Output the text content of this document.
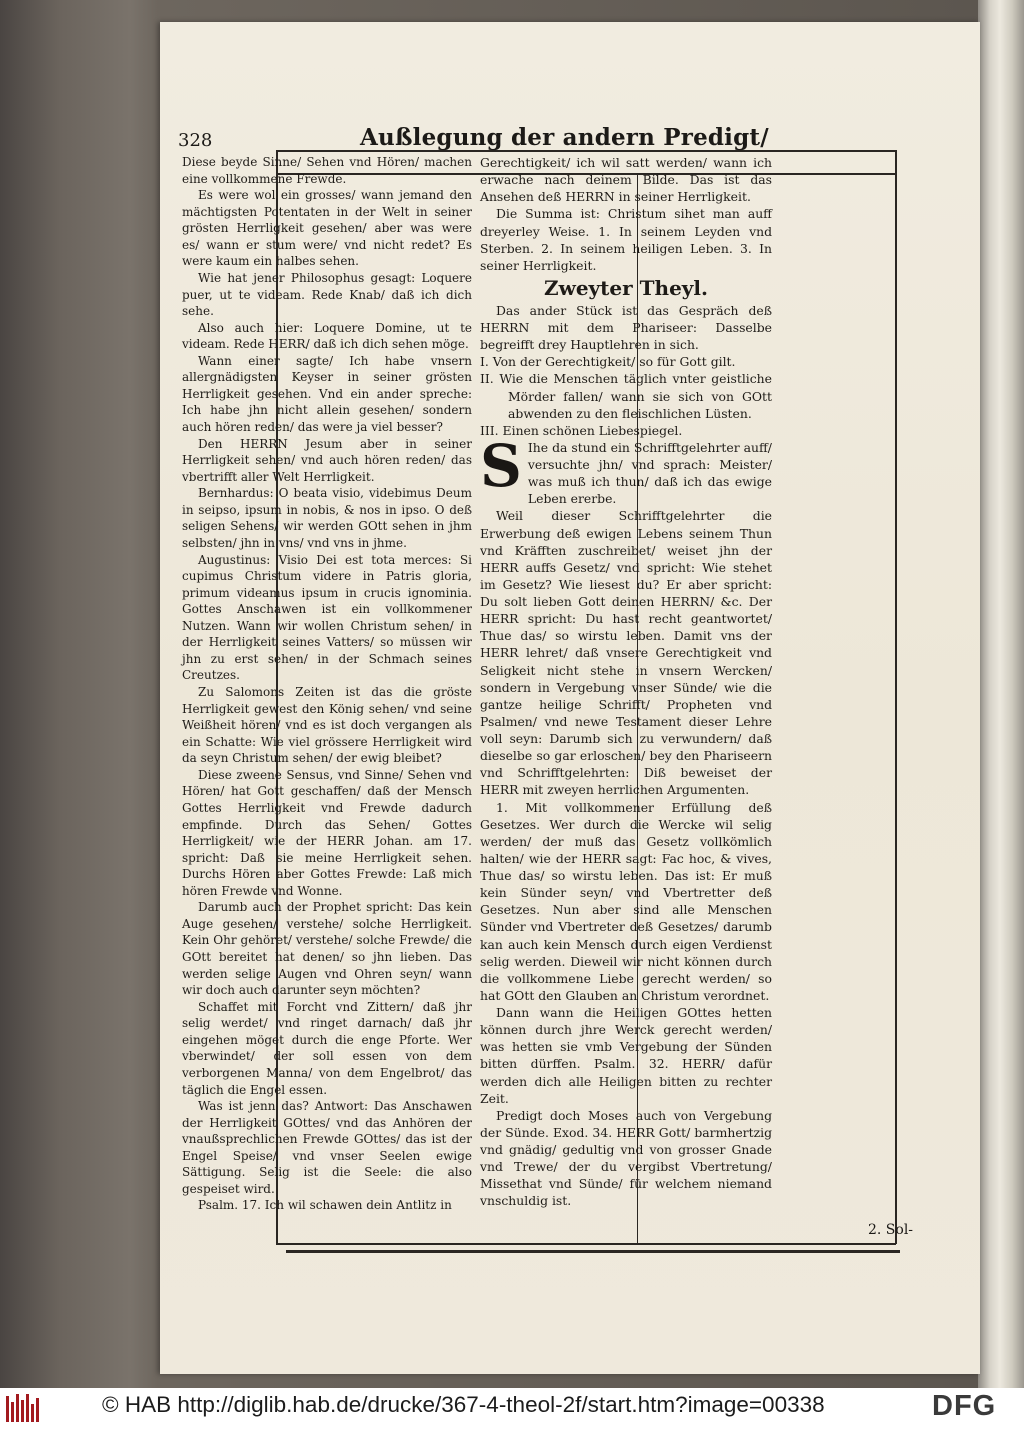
328	Außlegung der andern Predigt/

Diese beyde Sinne/ Sehen vnd Hören/ machen eine vollkommene Frewde.

Es were wol ein grosses/ wann jemand den mächtigsten Potentaten in der Welt in seiner grösten Herrligkeit gesehen/ aber was were es/ wann er stum were/ vnd nicht redet? Es were kaum ein halbes sehen.

Wie hat jener Philosophus gesagt: Loquere puer, ut te videam. Rede Knab/ daß ich dich sehe.

Also auch hier: Loquere Domine, ut te videam. Rede HERR/ daß ich dich sehen möge.

Wann einer sagte/ Ich habe vnsern allergnädigsten Keyser in seiner grösten Herrligkeit gesehen. Vnd ein ander spreche: Ich habe jhn nicht allein gesehen/ sondern auch hören reden/ das were ja viel besser?

Den HERRN Jesum aber in seiner Herrligkeit sehen/ vnd auch hören reden/ das vbertrifft aller Welt Herrligkeit.

Bernhardus: O beata visio, videbimus Deum in seipso, ipsum in nobis, & nos in ipso. O deß seligen Sehens/ wir werden GOtt sehen in jhm selbsten/ jhn in vns/ vnd vns in jhme.

Augustinus: Visio Dei est tota merces: Si cupimus Christum videre in Patris gloria, primum videamus ipsum in crucis ignominia. Gottes Anschawen ist ein vollkommener Nutzen. Wann wir wollen Christum sehen/ in der Herrligkeit seines Vatters/ so müssen wir jhn zu erst sehen/ in der Schmach seines Creutzes.

Zu Salomons Zeiten ist das die gröste Herrligkeit gewest den König sehen/ vnd seine Weißheit hören/ vnd es ist doch vergangen als ein Schatte: Wie viel grössere Herrligkeit wird da seyn Christum sehen/ der ewig bleibet?

Diese zweene Sensus, vnd Sinne/ Sehen vnd Hören/ hat Gott geschaffen/ daß der Mensch Gottes Herrligkeit vnd Frewde dadurch empfinde. Durch das Sehen/ Gottes Herrligkeit/ wie der HERR Johan. am 17. spricht: Daß sie meine Herrligkeit sehen. Durchs Hören aber Gottes Frewde: Laß mich hören Frewde vnd Wonne.

Darumb auch der Prophet spricht: Das kein Auge gesehen/ verstehe/ solche Herrligkeit. Kein Ohr gehöret/ verstehe/ solche Frewde/ die GOtt bereitet hat denen/ so jhn lieben. Das werden selige Augen vnd Ohren seyn/ wann wir doch auch darunter seyn möchten?

Schaffet mit Forcht vnd Zittern/ daß jhr selig werdet/ vnd ringet darnach/ daß jhr eingehen möget durch die enge Pforte. Wer vberwindet/ der soll essen von dem verborgenen Manna/ von dem Engelbrot/ das täglich die Engel essen.

Was ist jenn das? Antwort: Das Anschawen der Herrligkeit GOttes/ vnd das Anhören der vnaußsprechlichen Frewde GOttes/ das ist der Engel Speise/ vnd vnser Seelen ewige Sättigung. Selig ist die Seele: die also gespeiset wird.

Psalm. 17. Ich wil schawen dein Antlitz in

Gerechtigkeit/ ich wil satt werden/ wann ich erwache nach deinem Bilde. Das ist das Ansehen deß HERRN in seiner Herrligkeit.

Die Summa ist: Christum sihet man auff dreyerley Weise. 1. In seinem Leyden vnd Sterben. 2. In seinem heiligen Leben. 3. In seiner Herrligkeit.

Zweyter Theyl.

Das ander Stück ist das Gespräch deß HERRN mit dem Phariseer: Dasselbe begreifft drey Hauptlehren in sich.

I. Von der Gerechtigkeit/ so für Gott gilt.

II. Wie die Menschen täglich vnter geistliche Mörder fallen/ wann sie sich von GOtt abwenden zu den fleischlichen Lüsten.

III. Einen schönen Liebespiegel.

S Ihe da stund ein Schrifftgelehrter auff/ versuchte jhn/ vnd sprach: Meister/ was muß ich thun/ daß ich das ewige Leben ererbe.

Weil dieser Schrifftgelehrter die Erwerbung deß ewigen Lebens seinem Thun vnd Kräfften zuschreibet/ weiset jhn der HERR auffs Gesetz/ vnd spricht: Wie stehet im Gesetz? Wie liesest du? Er aber spricht: Du solt lieben Gott deinen HERRN/ &c. Der HERR spricht: Du hast recht geantwortet/ Thue das/ so wirstu leben. Damit vns der HERR lehret/ daß vnsere Gerechtigkeit vnd Seligkeit nicht stehe in vnsern Wercken/ sondern in Vergebung vnser Sünde/ wie die gantze heilige Schrifft/ Propheten vnd Psalmen/ vnd newe Testament dieser Lehre voll seyn: Darumb sich zu verwundern/ daß dieselbe so gar erloschen/ bey den Phariseern vnd Schrifftgelehrten: Diß beweiset der HERR mit zweyen herrlichen Argumenten.

1. Mit vollkommener Erfüllung deß Gesetzes. Wer durch die Wercke wil selig werden/ der muß das Gesetz vollkömlich halten/ wie der HERR sagt: Fac hoc, & vives, Thue das/ so wirstu leben. Das ist: Er muß kein Sünder seyn/ vnd Vbertretter deß Gesetzes. Nun aber sind alle Menschen Sünder vnd Vbertreter deß Gesetzes/ darumb kan auch kein Mensch durch eigen Verdienst selig werden. Dieweil wir nicht können durch die vollkommene Liebe gerecht werden/ so hat GOtt den Glauben an Christum verordnet.

Dann wann die Heiligen GOttes hetten können durch jhre Werck gerecht werden/ was hetten sie vmb Vergebung der Sünden bitten dürffen. Psalm. 32. HERR/ dafür werden dich alle Heiligen bitten zu rechter Zeit.

Predigt doch Moses auch von Vergebung der Sünde. Exod. 34. HERR Gott/ barmhertzig vnd gnädig/ gedultig vnd von grosser Gnade vnd Trewe/ der du vergibst Vbertretung/ Missethat vnd Sünde/ für welchem niemand vnschuldig ist.

2. Sol-
© HAB http://diglib.hab.de/drucke/367-4-theol-2f/start.htm?image=00338	DFG
